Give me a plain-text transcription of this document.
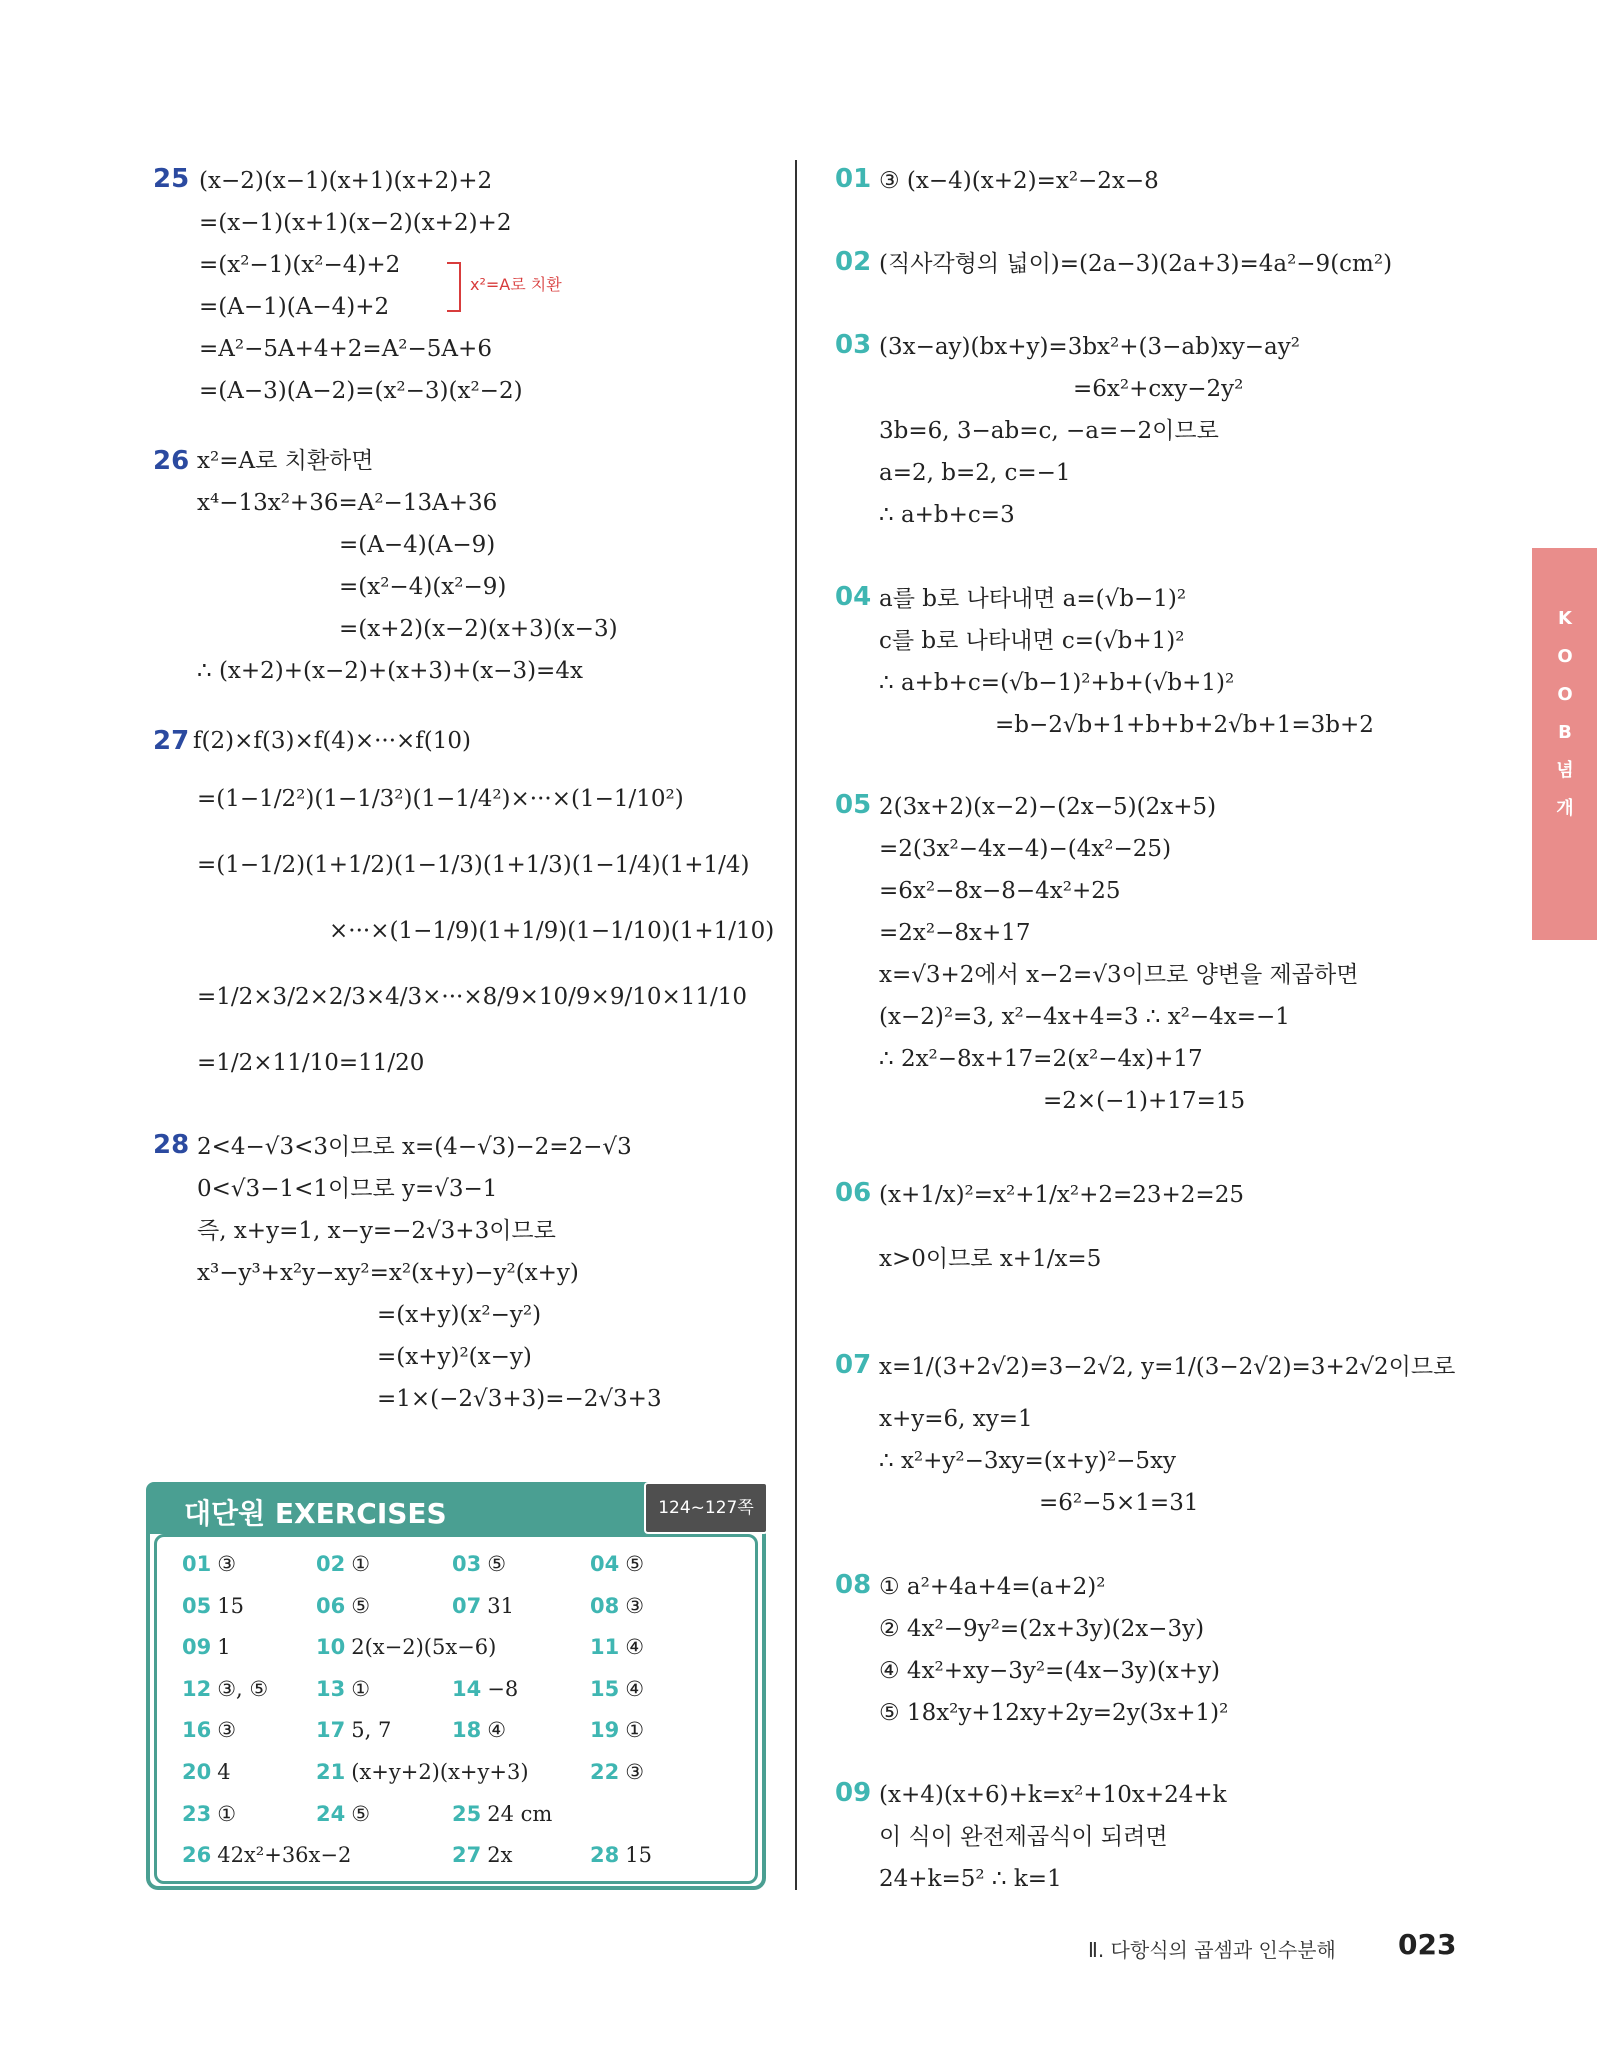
25 (x−2)(x−1)(x+1)(x+2)+2
=(x−1)(x+1)(x−2)(x+2)+2
=(x²−1)(x²−4)+2
=(A−1)(A−4)+2
=A²−5A+4+2=A²−5A+6
=(A−3)(A−2)=(x²−3)(x²−2)
x²=A로 치환
26 x²=A로 치환하면
x⁴−13x²+36=A²−13A+36
=(A−4)(A−9)
=(x²−4)(x²−9)
=(x+2)(x−2)(x+3)(x−3)
∴ (x+2)+(x−2)+(x+3)+(x−3)=4x
27 f(2)×f(3)×f(4)×···×f(10)
=(1−1/2²)(1−1/3²)(1−1/4²)×···×(1−1/10²)
=(1−1/2)(1+1/2)(1−1/3)(1+1/3)(1−1/4)(1+1/4)
×···×(1−1/9)(1+1/9)(1−1/10)(1+1/10)
=1/2×3/2×2/3×4/3×···×8/9×10/9×9/10×11/10
=1/2×11/10=11/20
28 2<4−√3<3이므로 x=(4−√3)−2=2−√3
0<√3−1<1이므로 y=√3−1
즉, x+y=1, x−y=−2√3+3이므로
x³−y³+x²y−xy²=x²(x+y)−y²(x+y)
=(x+y)(x²−y²)
=(x+y)²(x−y)
=1×(−2√3+3)=−2√3+3
대단원 EXERCISES	124~127쪽
01 ③	02 ①	03 ⑤	04 ⑤
05 15	06 ⑤	07 31	08 ③
09 1	10 2(x−2)(5x−6)	11 ④
12 ③, ⑤ 13 ①	14 −8	15 ④
16 ③	17 5, 7	18 ④	19 ①
20 4	21 (x+y+2)(x+y+3)	22 ③
23 ①	24 ⑤	25 24 cm
26 42x²+36x−2	27 2x	28 15
01 ③ (x−4)(x+2)=x²−2x−8
02 (직사각형의 넓이)=(2a−3)(2a+3)=4a²−9(cm²)
03 (3x−ay)(bx+y)=3bx²+(3−ab)xy−ay²
=6x²+cxy−2y²
3b=6, 3−ab=c, −a=−2이므로
a=2, b=2, c=−1
∴ a+b+c=3
04 a를 b로 나타내면 a=(√b−1)²
c를 b로 나타내면 c=(√b+1)²
∴ a+b+c=(√b−1)²+b+(√b+1)²
=b−2√b+1+b+b+2√b+1=3b+2
05 2(3x+2)(x−2)−(2x−5)(2x+5)
=2(3x²−4x−4)−(4x²−25)
=6x²−8x−8−4x²+25
=2x²−8x+17
x=√3+2에서 x−2=√3이므로 양변을 제곱하면
(x−2)²=3, x²−4x+4=3 ∴ x²−4x=−1
∴ 2x²−8x+17=2(x²−4x)+17
=2×(−1)+17=15
06 (x+1/x)²=x²+1/x²+2=23+2=25
x>0이므로 x+1/x=5
07 x=1/(3+2√2)=3−2√2, y=1/(3−2√2)=3+2√2이므로
x+y=6, xy=1
∴ x²+y²−3xy=(x+y)²−5xy
=6²−5×1=31
08 ① a²+4a+4=(a+2)²
② 4x²−9y²=(2x+3y)(2x−3y)
④ 4x²+xy−3y²=(4x−3y)(x+y)
⑤ 18x²y+12xy+2y=2y(3x+1)²
09 (x+4)(x+6)+k=x²+10x+24+k
이 식이 완전제곱식이 되려면
24+k=5² ∴ k=1
K
O
O
B
념
개
Ⅱ. 다항식의 곱셈과 인수분해 023
